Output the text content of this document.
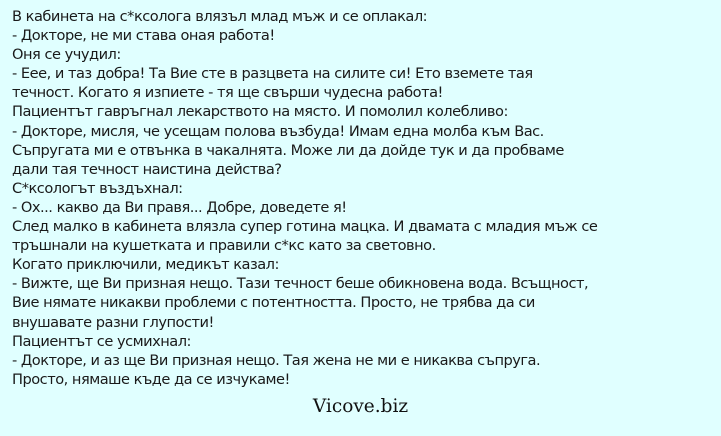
В кабинета на с*ксолога влязъл млад мъж и се оплакал:
- Докторе, не ми става оная работа!
Оня се учудил:
- Еее, и таз добра! Та Вие сте в разцвета на силите си! Ето вземете тая
течност. Когато я изпиете - тя ще свърши чудесна работа!
Пациентът гавръгнал лекарството на място. И помолил колебливо:
- Докторе, мисля, че усещам полова възбуда! Имам една молба към Вас.
Съпругата ми е отвънка в чакалнята. Може ли да дойде тук и да пробваме
дали тая течност наистина действа?
С*ксологът въздъхнал:
- Ох... какво да Ви правя... Добре, доведете я!
След малко в кабинета влязла супер готина мацка. И двамата с младия мъж се
тръшнали на кушетката и правили с*кс като за световно.
Когато приключили, медикът казал:
- Вижте, ще Ви призная нещо. Тази течност беше обикновена вода. Всъщност,
Вие нямате никакви проблеми с потентността. Просто, не трябва да си
внушавате разни глупости!
Пациентът се усмихнал:
- Докторе, и аз ще Ви призная нещо. Тая жена не ми е никаква съпруга.
Просто, нямаше къде да се изчукаме!
Vicove.biz
